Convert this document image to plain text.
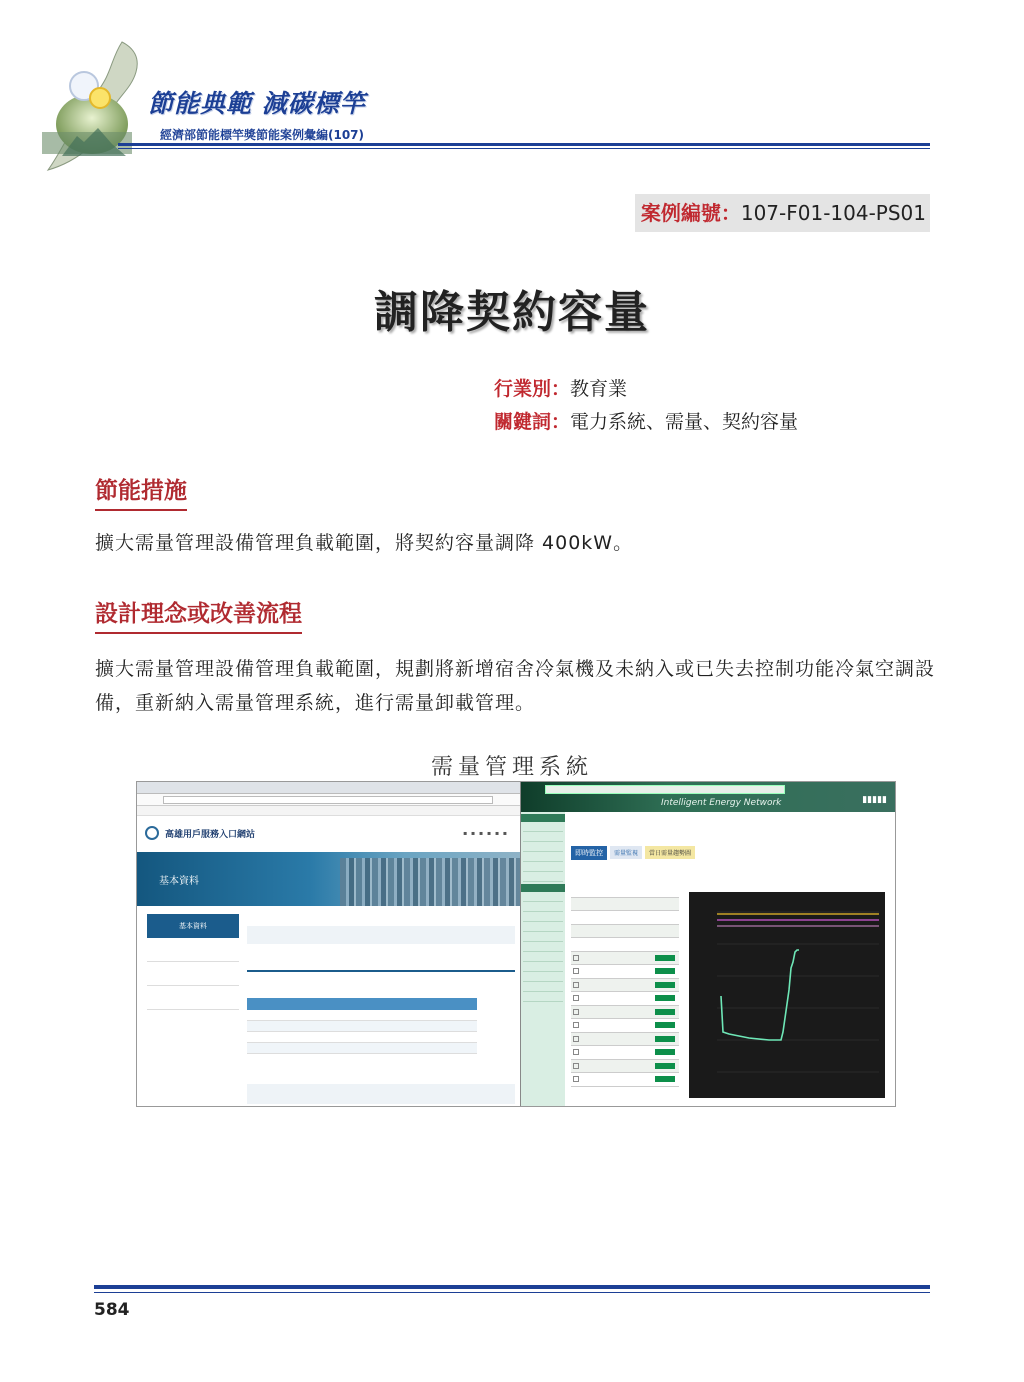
節能典範 減碳標竿
經濟部節能標竿獎節能案例彙編(107)
案例編號：107-F01-104-PS01
調降契約容量
行業別：教育業
關鍵詞：電力系統、需量、契約容量
節能措施
擴大需量管理設備管理負載範圍，將契約容量調降 400kW。
設計理念或改善流程
擴大需量管理設備管理負載範圍，規劃將新增宿舍冷氣機及未納入或已失去控制功能冷氣空調設備，重新納入需量管理系統，進行需量卸載管理。
需量管理系統
高雄用戶服務入口網站	▪ ▪ ▪ ▪ ▪ ▪
基本資料
基本資料
Intelligent Energy Network	▮▮▮▮▮
即時監控 需量監視 當日需量趨勢圖
584
